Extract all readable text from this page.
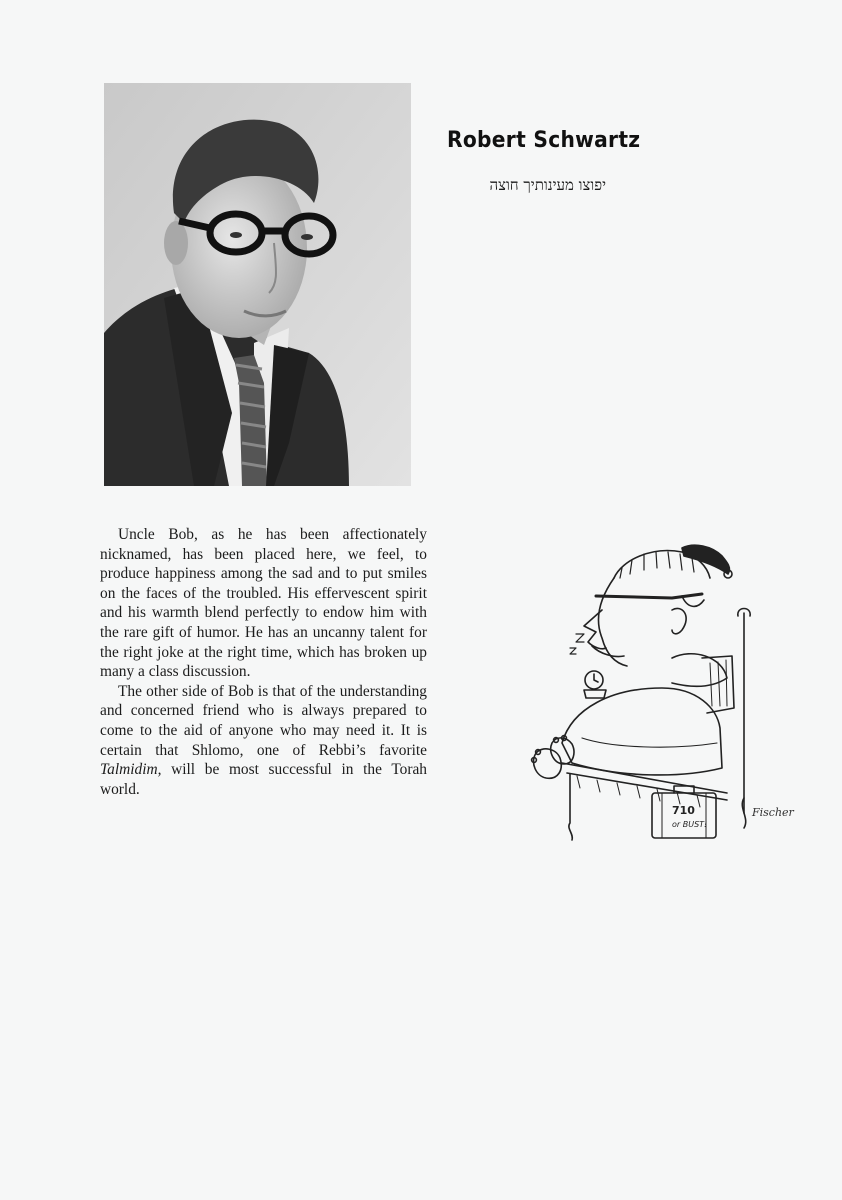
Robert Schwartz
יפוצו מעינותיך חוצה

Uncle Bob, as he has been affectionately nicknamed, has been placed here, we feel, to produce happiness among the sad and to put smiles on the faces of the troubled. His effervescent spirit and his warmth blend perfectly to endow him with the rare gift of humor. He has an uncanny talent for the right joke at the right time, which has broken up many a class discussion.

The other side of Bob is that of the understanding and concerned friend who is always prepared to come to the aid of anyone who may need it. It is certain that Shlomo, one of Rebbi’s favorite Talmidim, will be most successful in the Torah world.

710
or BUST!
Fischer
